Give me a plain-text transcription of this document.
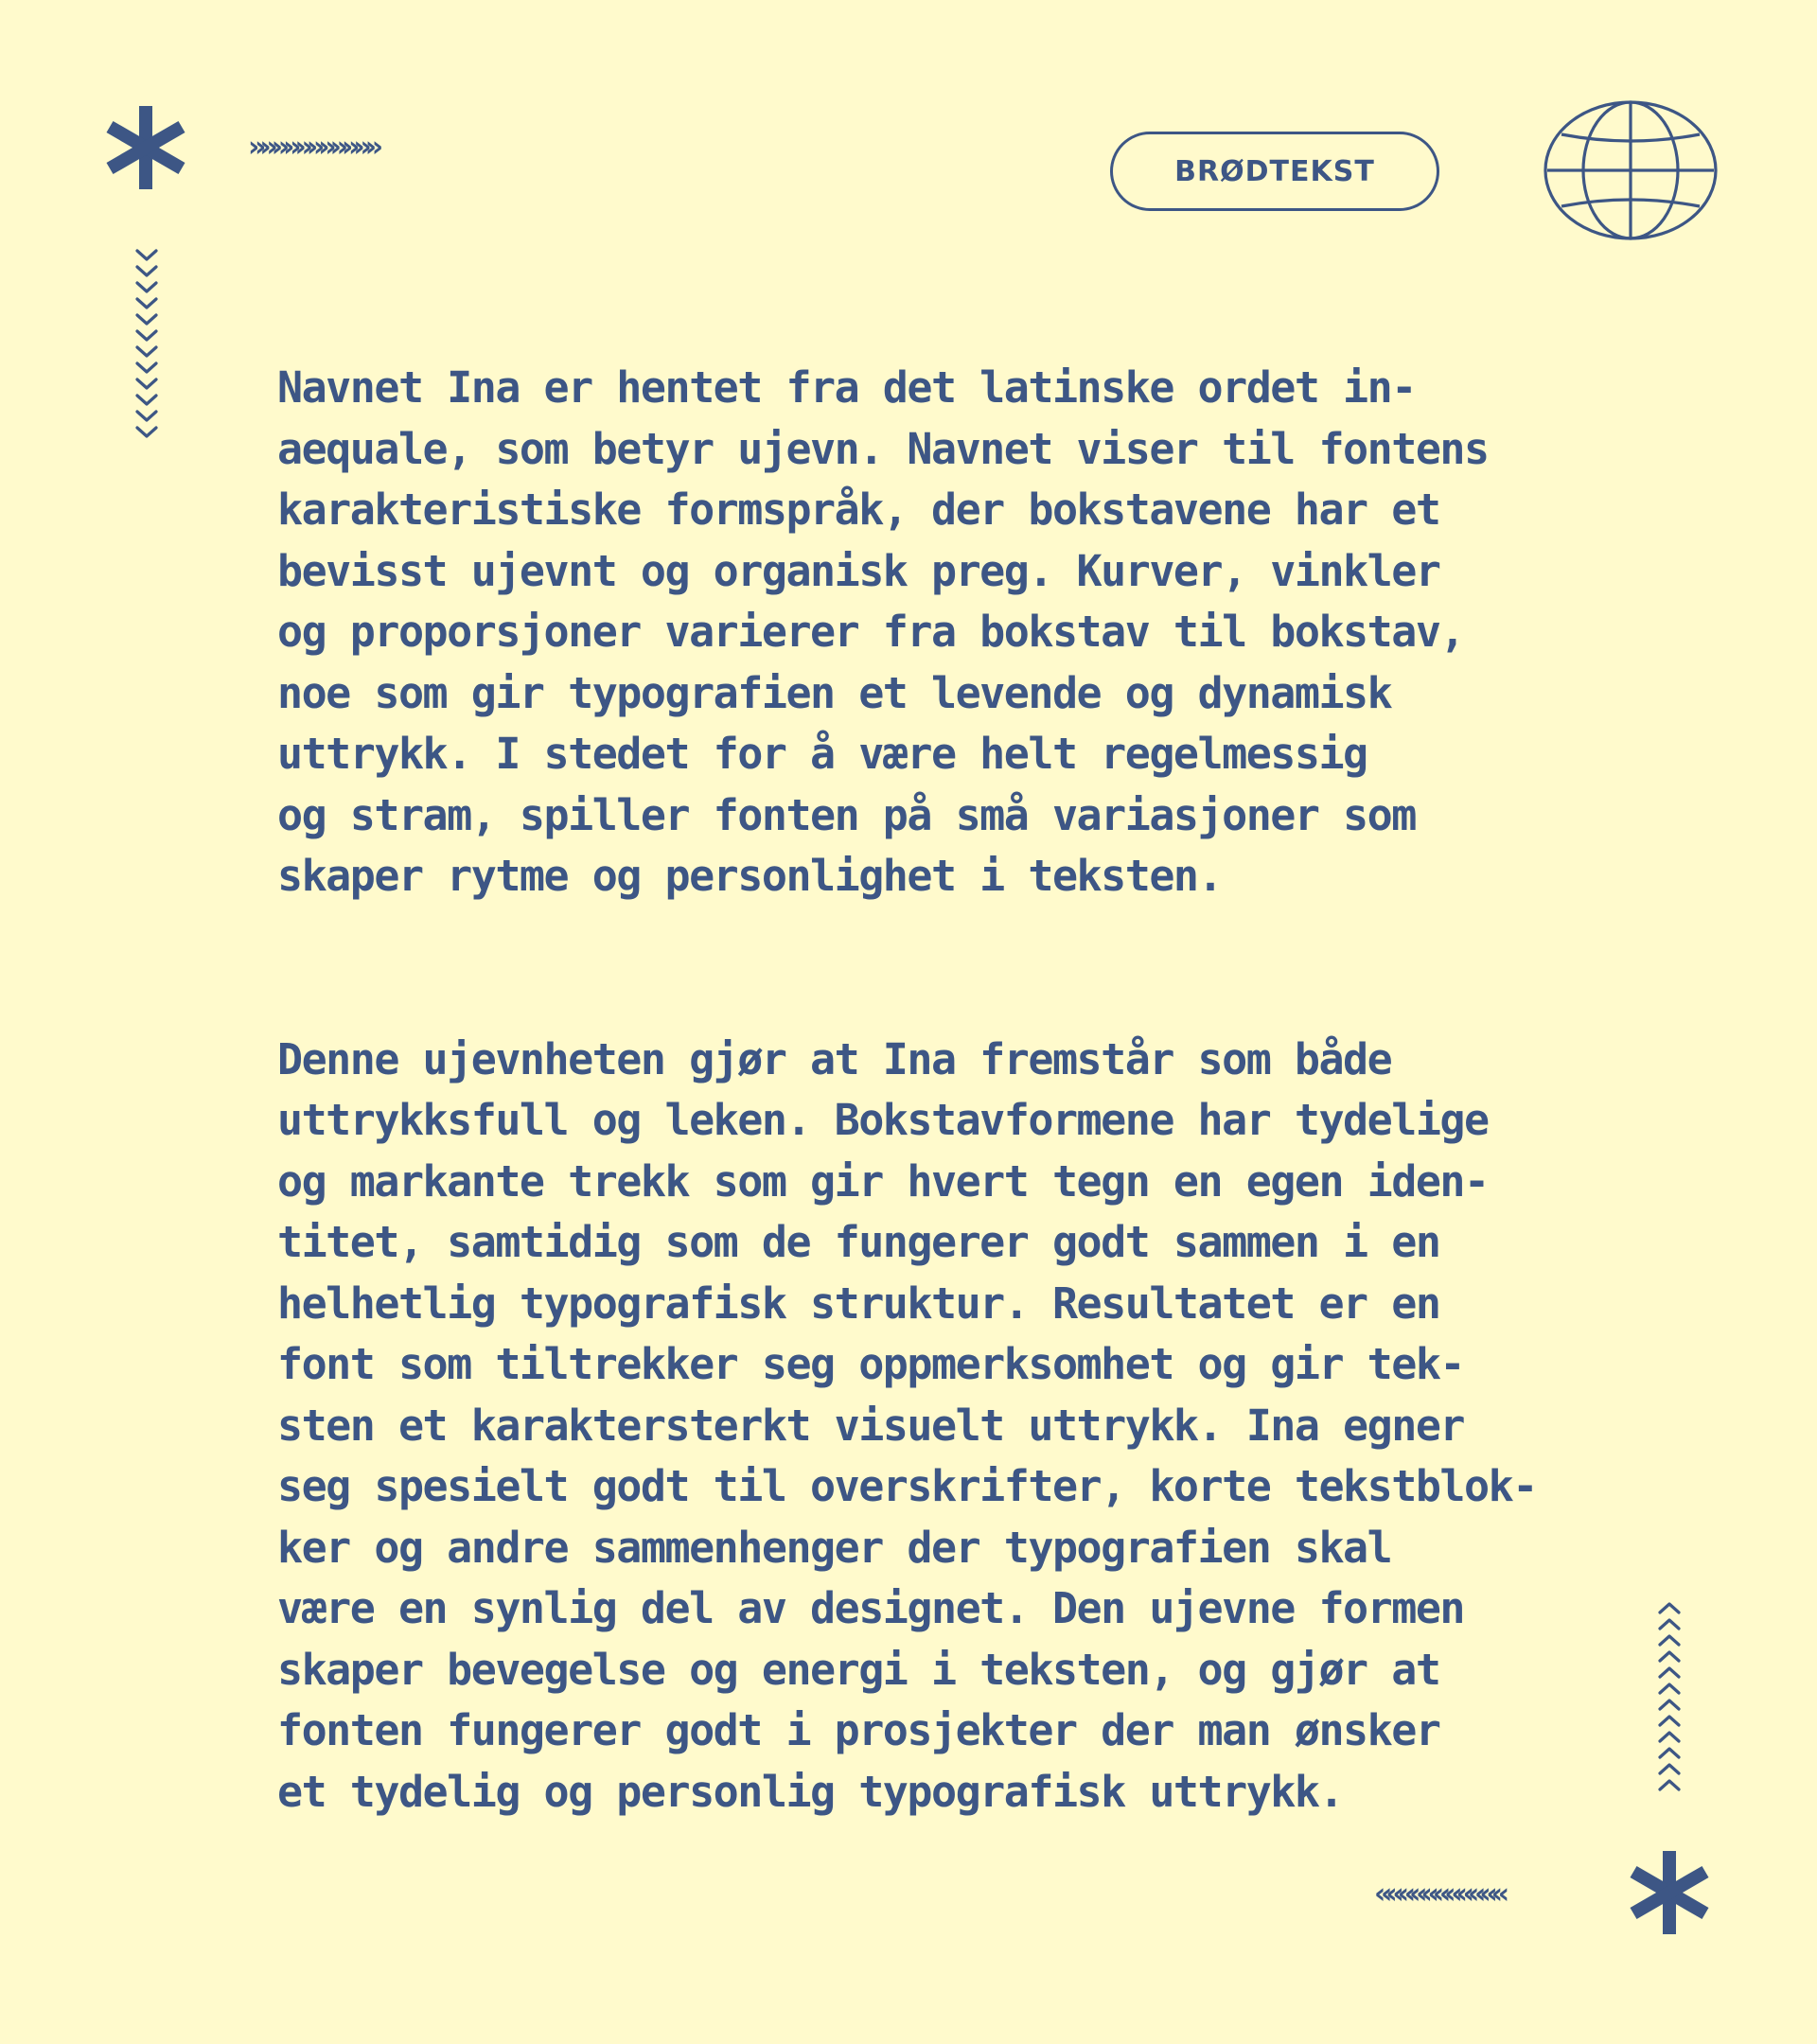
»»»»»»»»»»»
BRØDTEKST

Navnet Ina er hentet fra det latinske ordet in-
aequale, som betyr ujevn. Navnet viser til fontens
karakteristiske formspråk, der bokstavene har et
bevisst ujevnt og organisk preg. Kurver, vinkler
og proporsjoner varierer fra bokstav til bokstav,
noe som gir typografien et levende og dynamisk
uttrykk. I stedet for å være helt regelmessig
og stram, spiller fonten på små variasjoner som
skaper rytme og personlighet i teksten.

Denne ujevnheten gjør at Ina fremstår som både
uttrykksfull og leken. Bokstavformene har tydelige
og markante trekk som gir hvert tegn en egen iden-
titet, samtidig som de fungerer godt sammen i en
helhetlig typografisk struktur. Resultatet er en
font som tiltrekker seg oppmerksomhet og gir tek-
sten et karaktersterkt visuelt uttrykk. Ina egner
seg spesielt godt til overskrifter, korte tekstblok-
ker og andre sammenhenger der typografien skal
være en synlig del av designet. Den ujevne formen
skaper bevegelse og energi i teksten, og gjør at
fonten fungerer godt i prosjekter der man ønsker
et tydelig og personlig typografisk uttrykk.

«««««««««««
